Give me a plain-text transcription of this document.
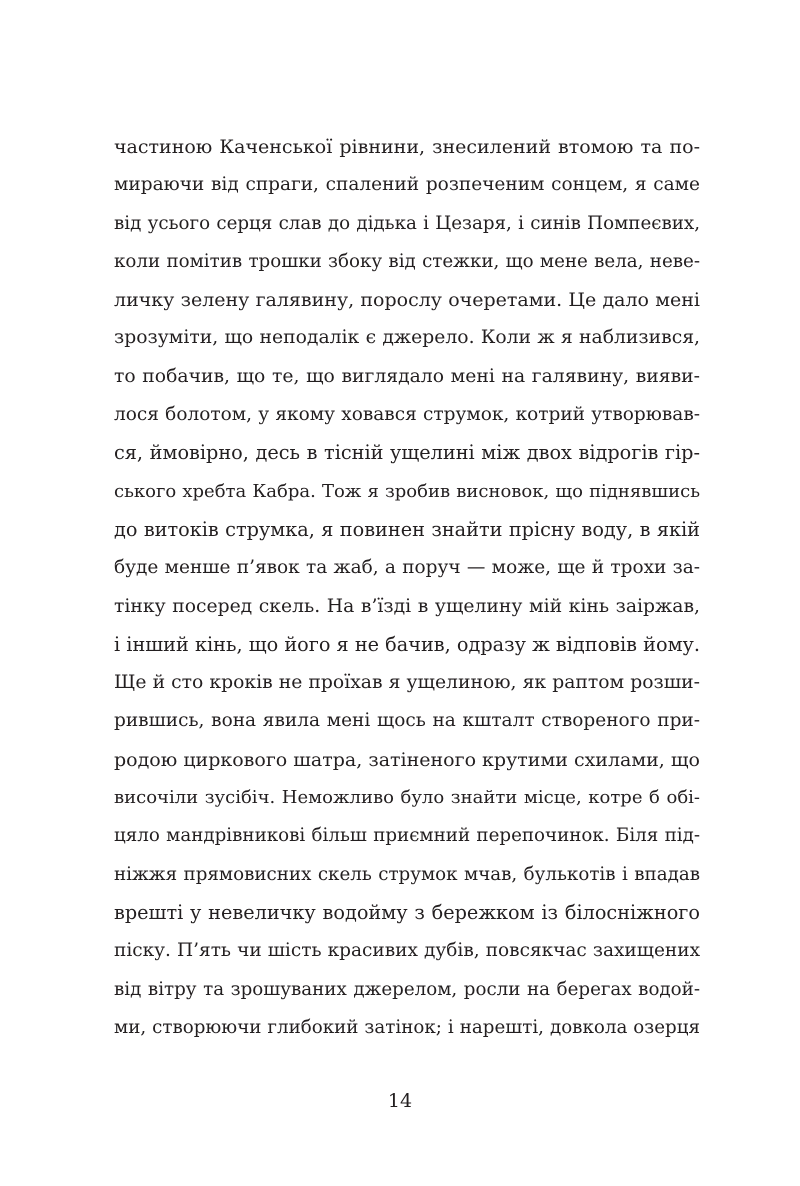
частиною Каченської рівнини, знесилений втомою та по-
мираючи від спраги, спалений розпеченим сонцем, я саме
від усього серця слав до дідька і Цезаря, і синів Помпеєвих,
коли помітив трошки збоку від стежки, що мене вела, неве-
личку зелену галявину, порослу очеретами. Це дало мені
зрозуміти, що неподалік є джерело. Коли ж я наблизився,
то побачив, що те, що виглядало мені на галявину, вияви-
лося болотом, у якому ховався струмок, котрий утворював-
ся, ймовірно, десь в тісній ущелині між двох відрогів гір-
ського хребта Кабра. Тож я зробив висновок, що піднявшись
до витоків струмка, я повинен знайти прісну воду, в якій
буде менше п’явок та жаб, а поруч — може, ще й трохи за-
тінку посеред скель. На в’їзді в ущелину мій кінь заіржав,
і інший кінь, що його я не бачив, одразу ж відповів йому.
Ще й сто кроків не проїхав я ущелиною, як раптом розши-
рившись, вона явила мені щось на кшталт створеного при-
родою циркового шатра, затіненого крутими схилами, що
височіли зусібіч. Неможливо було знайти місце, котре б обі-
цяло мандрівникові більш приємний перепочинок. Біля під-
ніжжя прямовисних скель струмок мчав, булькотів і впадав
врешті у невеличку водойму з бережком із білосніжного
піску. П’ять чи шість красивих дубів, повсякчас захищених
від вітру та зрошуваних джерелом, росли на берегах водой-
ми, створюючи глибокий затінок; і нарешті, довкола озерця
14
